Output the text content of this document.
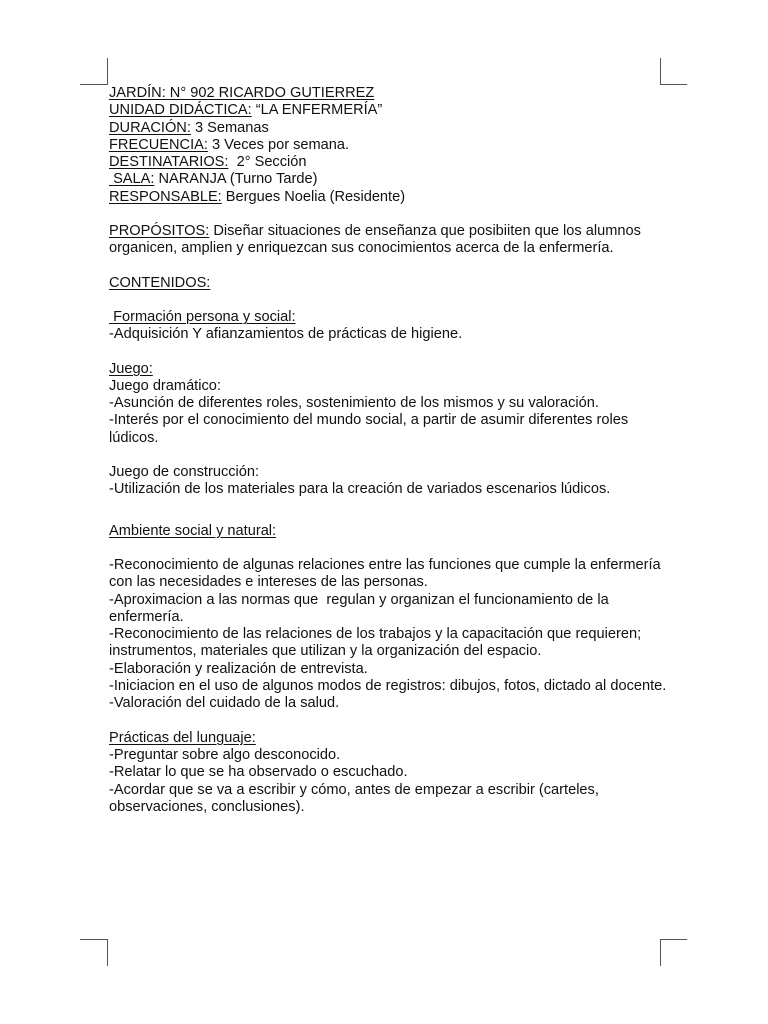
JARDÍN: N° 902 RICARDO GUTIERREZ
UNIDAD DIDÁCTICA: “LA ENFERMERÍA”
DURACIÓN: 3 Semanas
FRECUENCIA: 3 Veces por semana.
DESTINATARIOS:  2° Sección
SALA: NARANJA (Turno Tarde)
RESPONSABLE: Bergues Noelia (Residente)
PROPÓSITOS: Diseñar situaciones de enseñanza que posibiiten que los alumnos organicen, amplien y enriquezcan sus conocimientos acerca de la enfermería.
CONTENIDOS:
Formación persona y social:
-Adquisición Y afianzamientos de prácticas de higiene.
Juego:
Juego dramático:
-Asunción de diferentes roles, sostenimiento de los mismos y su valoración.
-Interés por el conocimiento del mundo social, a partir de asumir diferentes roles lúdicos.
Juego de construcción:
-Utilización de los materiales para la creación de variados escenarios lúdicos.
Ambiente social y natural:
-Reconocimiento de algunas relaciones entre las funciones que cumple la enfermería con las necesidades e intereses de las personas.
-Aproximacion a las normas que  regulan y organizan el funcionamiento de la enfermería.
-Reconocimiento de las relaciones de los trabajos y la capacitación que requieren; instrumentos, materiales que utilizan y la organización del espacio.
-Elaboración y realización de entrevista.
-Iniciacion en el uso de algunos modos de registros: dibujos, fotos, dictado al docente.
-Valoración del cuidado de la salud.
Prácticas del lunguaje:
-Preguntar sobre algo desconocido.
-Relatar lo que se ha observado o escuchado.
-Acordar que se va a escribir y cómo, antes de empezar a escribir (carteles, observaciones, conclusiones).
